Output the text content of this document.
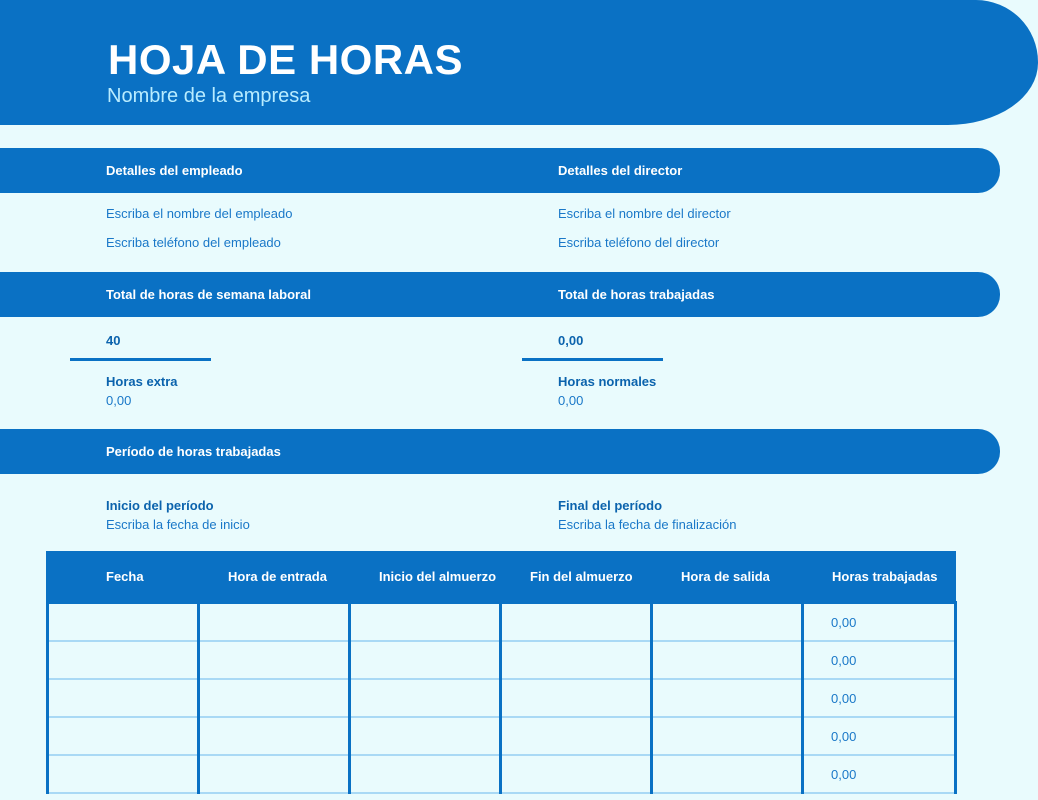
HOJA DE HORAS
Nombre de la empresa
Detalles del empleado	Detalles del director
Escriba el nombre del empleado
Escriba teléfono del empleado
Escriba el nombre del director
Escriba teléfono del director
Total de horas de semana laboral	Total de horas trabajadas
40	0,00
Horas extra
0,00
Horas normales
0,00
Período de horas trabajadas
Inicio del período
Escriba la fecha de inicio
Final del período
Escriba la fecha de finalización
Fecha	Hora de entrada	Inicio del almuerzo	Fin del almuerzo	Hora de salida	Horas trabajadas
					0,00
					0,00
					0,00
					0,00
					0,00
